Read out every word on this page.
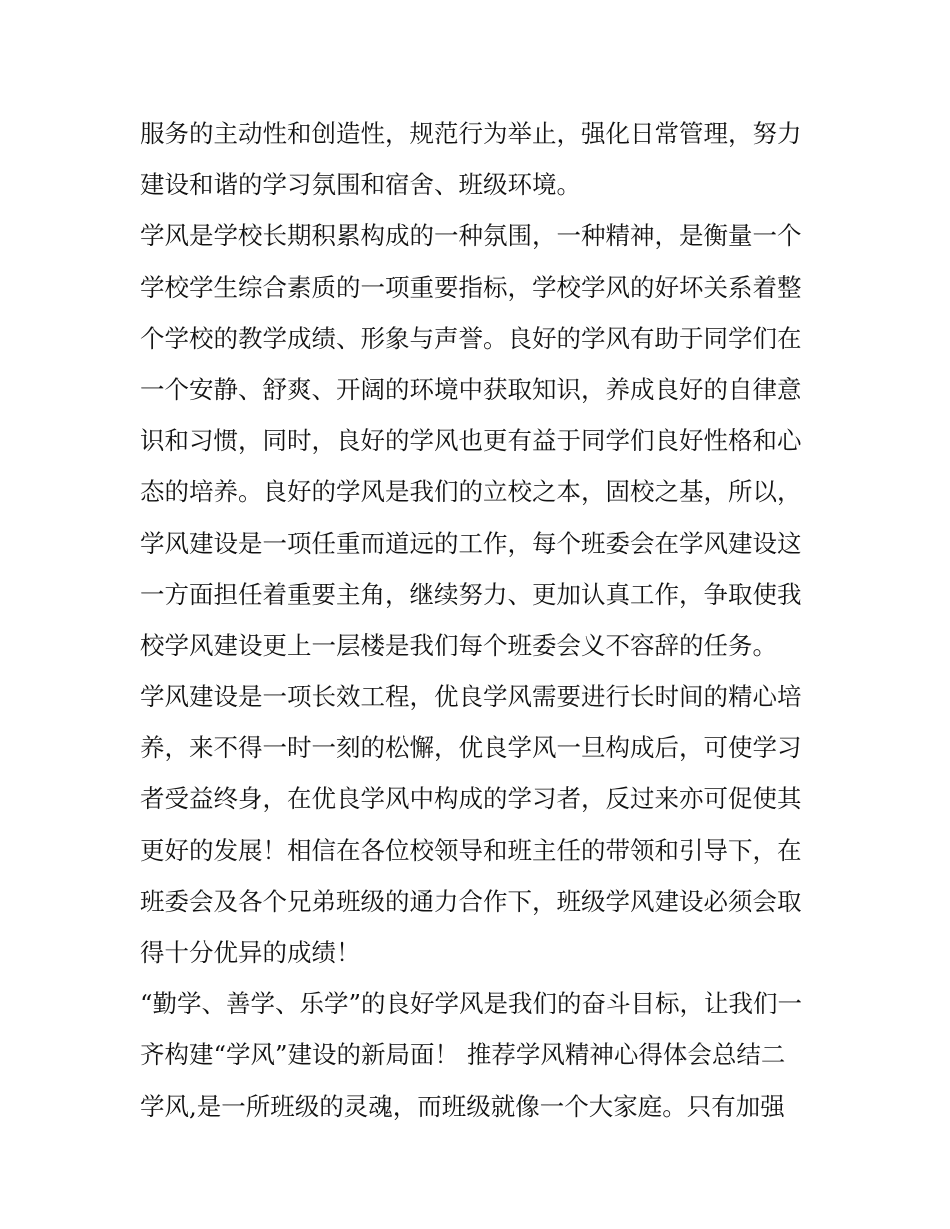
服务的主动性和创造性，规范行为举止，强化日常管理，努力
建设和谐的学习氛围和宿舍、班级环境。
学风是学校长期积累构成的一种氛围，一种精神，是衡量一个
学校学生综合素质的一项重要指标，学校学风的好坏关系着整
个学校的教学成绩、形象与声誉。良好的学风有助于同学们在
一个安静、舒爽、开阔的环境中获取知识，养成良好的自律意
识和习惯，同时，良好的学风也更有益于同学们良好性格和心
态的培养。良好的学风是我们的立校之本，固校之基，所以，
学风建设是一项任重而道远的工作，每个班委会在学风建设这
一方面担任着重要主角，继续努力、更加认真工作，争取使我
校学风建设更上一层楼是我们每个班委会义不容辞的任务。
学风建设是一项长效工程，优良学风需要进行长时间的精心培
养，来不得一时一刻的松懈，优良学风一旦构成后，可使学习
者受益终身，在优良学风中构成的学习者，反过来亦可促使其
更好的发展！相信在各位校领导和班主任的带领和引导下，在
班委会及各个兄弟班级的通力合作下，班级学风建设必须会取
得十分优异的成绩！
“勤学、善学、乐学”的良好学风是我们的奋斗目标，让我们一
齐构建“学风”建设的新局面！ 推荐学风精神心得体会总结二
学风,是一所班级的灵魂，而班级就像一个大家庭。只有加强
